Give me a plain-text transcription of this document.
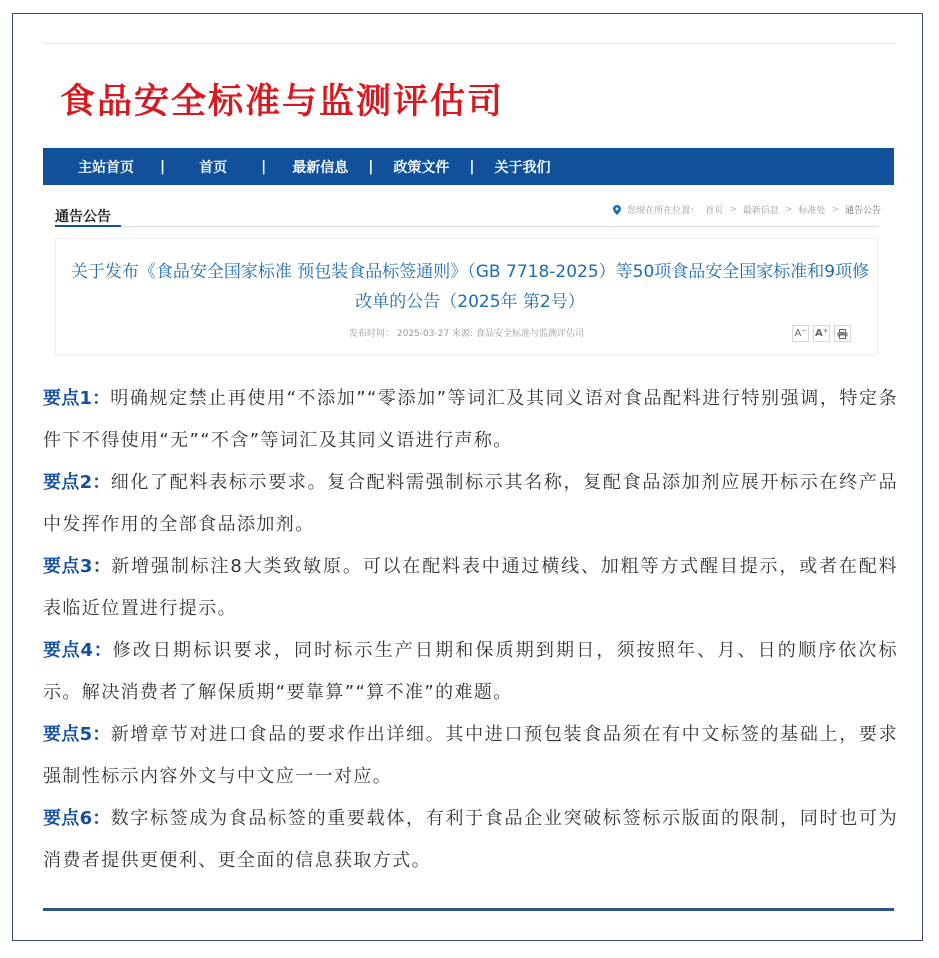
食品安全标准与监测评估司
主站首页 | 首页 | 最新信息 | 政策文件 | 关于我们
通告公告	您现在所在位置： 首页 > 最新信息 > 标准处 > 通告公告
关于发布《食品安全国家标准 预包装食品标签通则》（GB 7718-2025）等50项食品安全国家标准和9项修改单的公告（2025年 第2号）
发布时间： 2025-03-27 来源: 食品安全标准与监测评估司	A⁻ A⁺

要点1：明确规定禁止再使用“不添加”“零添加”等词汇及其同义语对食品配料进行特别强调，特定条件下不得使用“无”“不含”等词汇及其同义语进行声称。

要点2：细化了配料表标示要求。复合配料需强制标示其名称，复配食品添加剂应展开标示在终产品中发挥作用的全部食品添加剂。

要点3：新增强制标注8大类致敏原。可以在配料表中通过横线、加粗等方式醒目提示，或者在配料表临近位置进行提示。

要点4：修改日期标识要求，同时标示生产日期和保质期到期日，须按照年、月、日的顺序依次标示。解决消费者了解保质期“要靠算”“算不准”的难题。

要点5：新增章节对进口食品的要求作出详细。其中进口预包装食品须在有中文标签的基础上，要求强制性标示内容外文与中文应一一对应。

要点6：数字标签成为食品标签的重要载体，有利于食品企业突破标签标示版面的限制，同时也可为消费者提供更便利、更全面的信息获取方式。
